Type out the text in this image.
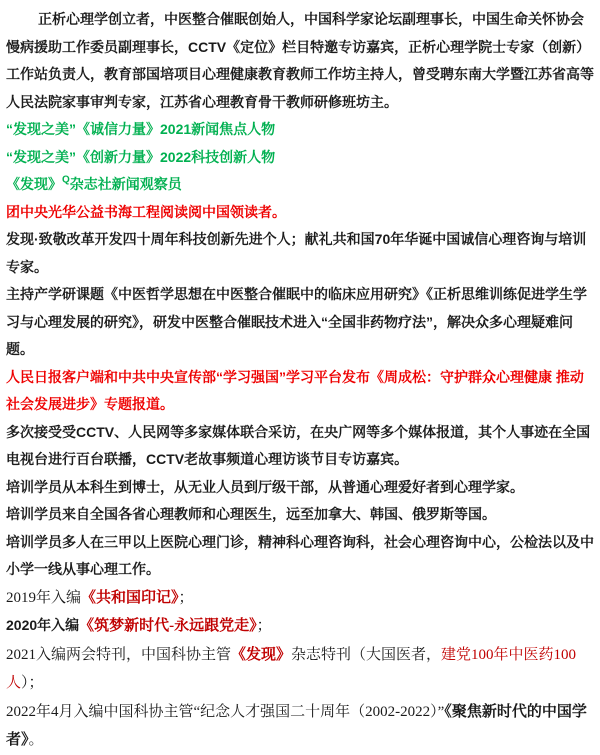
正析心理学创立者，中医整合催眠创始人，中国科学家论坛副理事长，中国生命关怀协会慢病援助工作委员副理事长，CCTV《定位》栏目特邀专访嘉宾，正析心理学院士专家（创新）工作站负责人，教育部国培项目心理健康教育教师工作坊主持人，曾受聘东南大学暨江苏省高等人民法院家事审判专家，江苏省心理教育骨干教师研修班坊主。

“发现之美”《诚信力量》2021新闻焦点人物

“发现之美”《创新力量》2022科技创新人物

《发现》$^Q$杂志社新闻观察员

团中央光华公益书海工程阅读阅中国领读者。

发现·致敬改革开发四十周年科技创新先进个人；献礼共和国70年华诞中国诚信心理咨询与培训专家。

主持产学研课题《中医哲学思想在中医整合催眠中的临床应用研究》《正析思维训练促进学生学习与心理发展的研究》，研发中医整合催眠技术进入“全国非药物疗法”，解决众多心理疑难问题。

人民日报客户端和中共中央宣传部“学习强国”学习平台发布《周成松：守护群众心理健康 推动社会发展进步》专题报道。

多次接受受CCTV、人民网等多家媒体联合采访，在央广网等多个媒体报道，其个人事迹在全国电视台进行百台联播，CCTV老故事频道心理访谈节目专访嘉宾。

培训学员从本科生到博士，从无业人员到厅级干部，从普通心理爱好者到心理学家。

培训学员来自全国各省心理教师和心理医生，远至加拿大、韩国、俄罗斯等国。

培训学员多人在三甲以上医院心理门诊，精神科心理咨询科，社会心理咨询中心，公检法以及中小学一线从事心理工作。

2019年入编《共和国印记》；

2020年入编《筑梦新时代-永远跟党走》；

2021入编两会特刊，中国科协主管《发现》杂志特刊（大国医者，建党100年中医药100人）；

2022年4月入编中国科协主管“纪念人才强国二十周年（2002-2022）”《聚焦新时代的中国学者》。
